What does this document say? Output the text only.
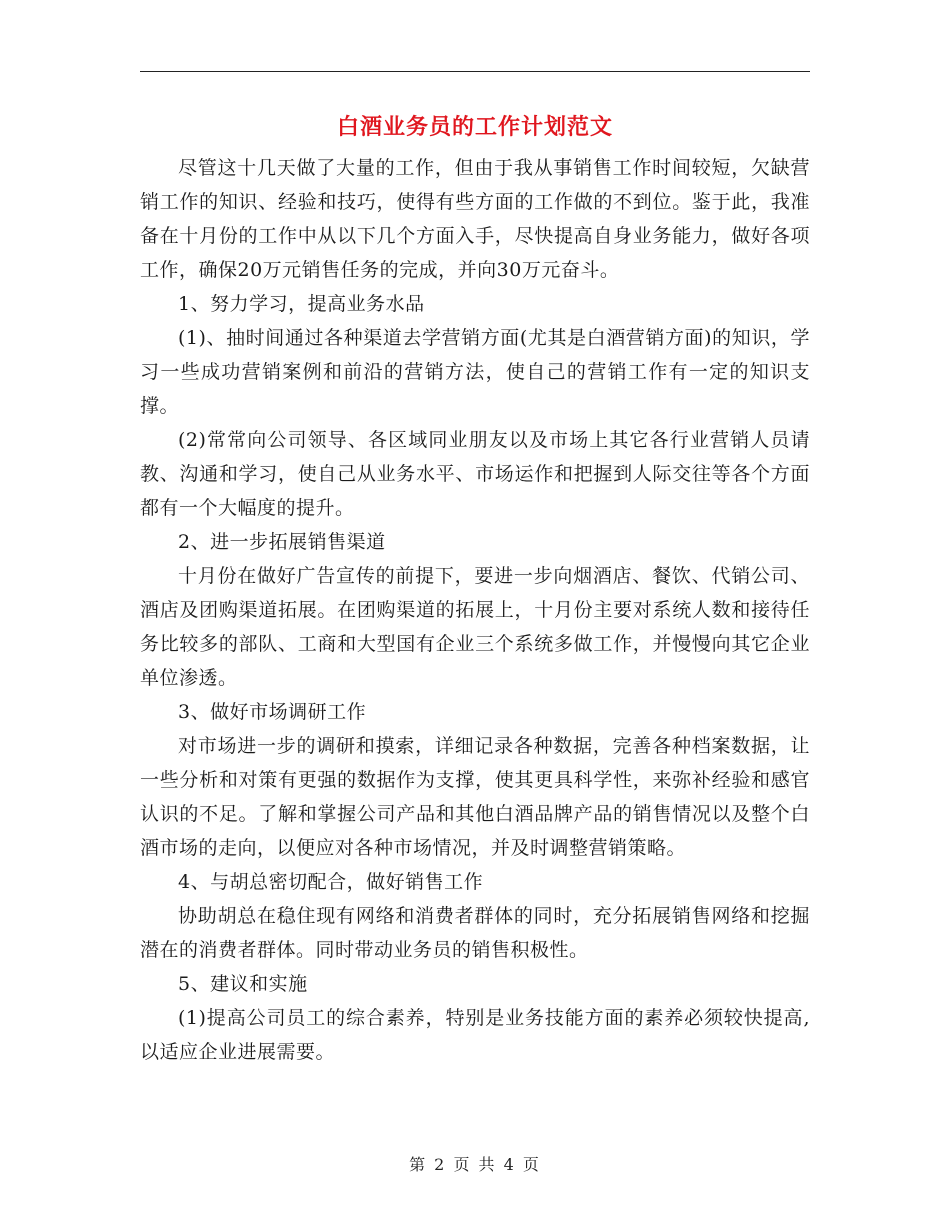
白酒业务员的工作计划范文

尽管这十几天做了大量的工作，但由于我从事销售工作时间较短，欠缺营销工作的知识、经验和技巧，使得有些方面的工作做的不到位。鉴于此，我准备在十月份的工作中从以下几个方面入手，尽快提高自身业务能力，做好各项工作，确保20万元销售任务的完成，并向30万元奋斗。

1、努力学习，提高业务水品

(1)、抽时间通过各种渠道去学营销方面(尤其是白酒营销方面)的知识，学习一些成功营销案例和前沿的营销方法，使自己的营销工作有一定的知识支撑。

(2)常常向公司领导、各区域同业朋友以及市场上其它各行业营销人员请教、沟通和学习，使自己从业务水平、市场运作和把握到人际交往等各个方面都有一个大幅度的提升。

2、进一步拓展销售渠道

十月份在做好广告宣传的前提下，要进一步向烟酒店、餐饮、代销公司、酒店及团购渠道拓展。在团购渠道的拓展上，十月份主要对系统人数和接待任务比较多的部队、工商和大型国有企业三个系统多做工作，并慢慢向其它企业单位渗透。

3、做好市场调研工作

对市场进一步的调研和摸索，详细记录各种数据，完善各种档案数据，让一些分析和对策有更强的数据作为支撑，使其更具科学性，来弥补经验和感官认识的不足。了解和掌握公司产品和其他白酒品牌产品的销售情况以及整个白酒市场的走向，以便应对各种市场情况，并及时调整营销策略。

4、与胡总密切配合，做好销售工作

协助胡总在稳住现有网络和消费者群体的同时，充分拓展销售网络和挖掘潜在的消费者群体。同时带动业务员的销售积极性。

5、建议和实施

(1)提高公司员工的综合素养，特别是业务技能方面的素养必须较快提高,以适应企业进展需要。

第 2 页 共 4 页
